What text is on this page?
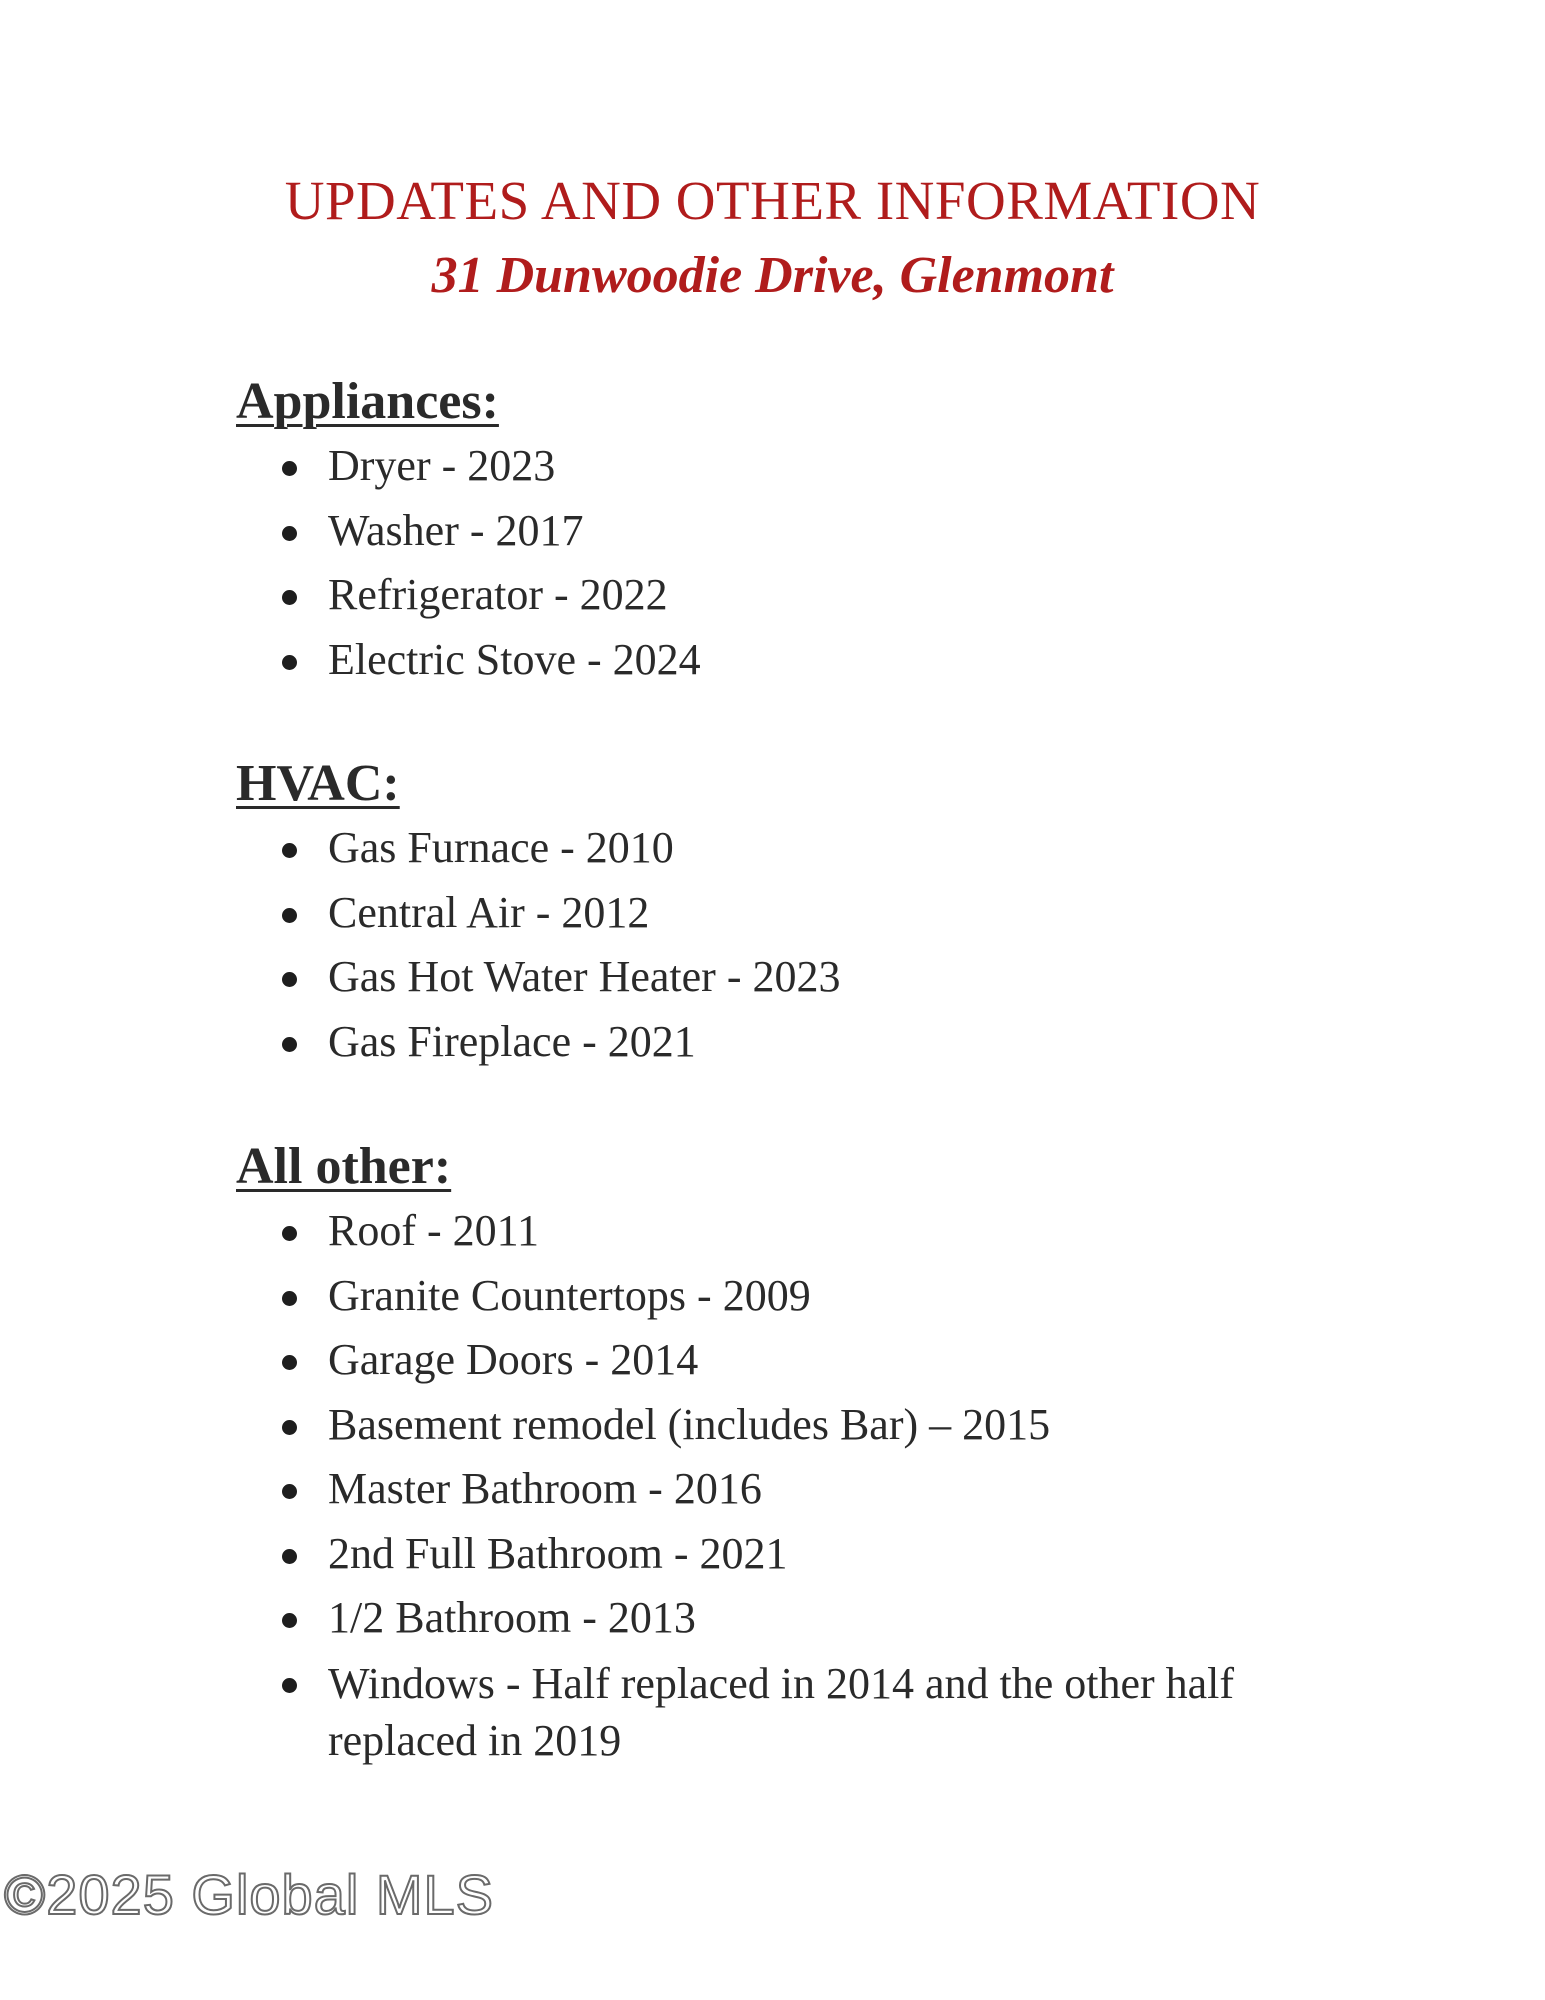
UPDATES AND OTHER INFORMATION
31 Dunwoodie Drive, Glenmont
Appliances:
Dryer - 2023
Washer - 2017
Refrigerator - 2022
Electric Stove - 2024
HVAC:
Gas Furnace - 2010
Central Air - 2012
Gas Hot Water Heater - 2023
Gas Fireplace - 2021
All other:
Roof - 2011
Granite Countertops - 2009
Garage Doors - 2014
Basement remodel (includes Bar) – 2015
Master Bathroom - 2016
2nd Full Bathroom - 2021
1/2 Bathroom - 2013
Windows - Half replaced in 2014 and the other half replaced in 2019
©2025 Global MLS
